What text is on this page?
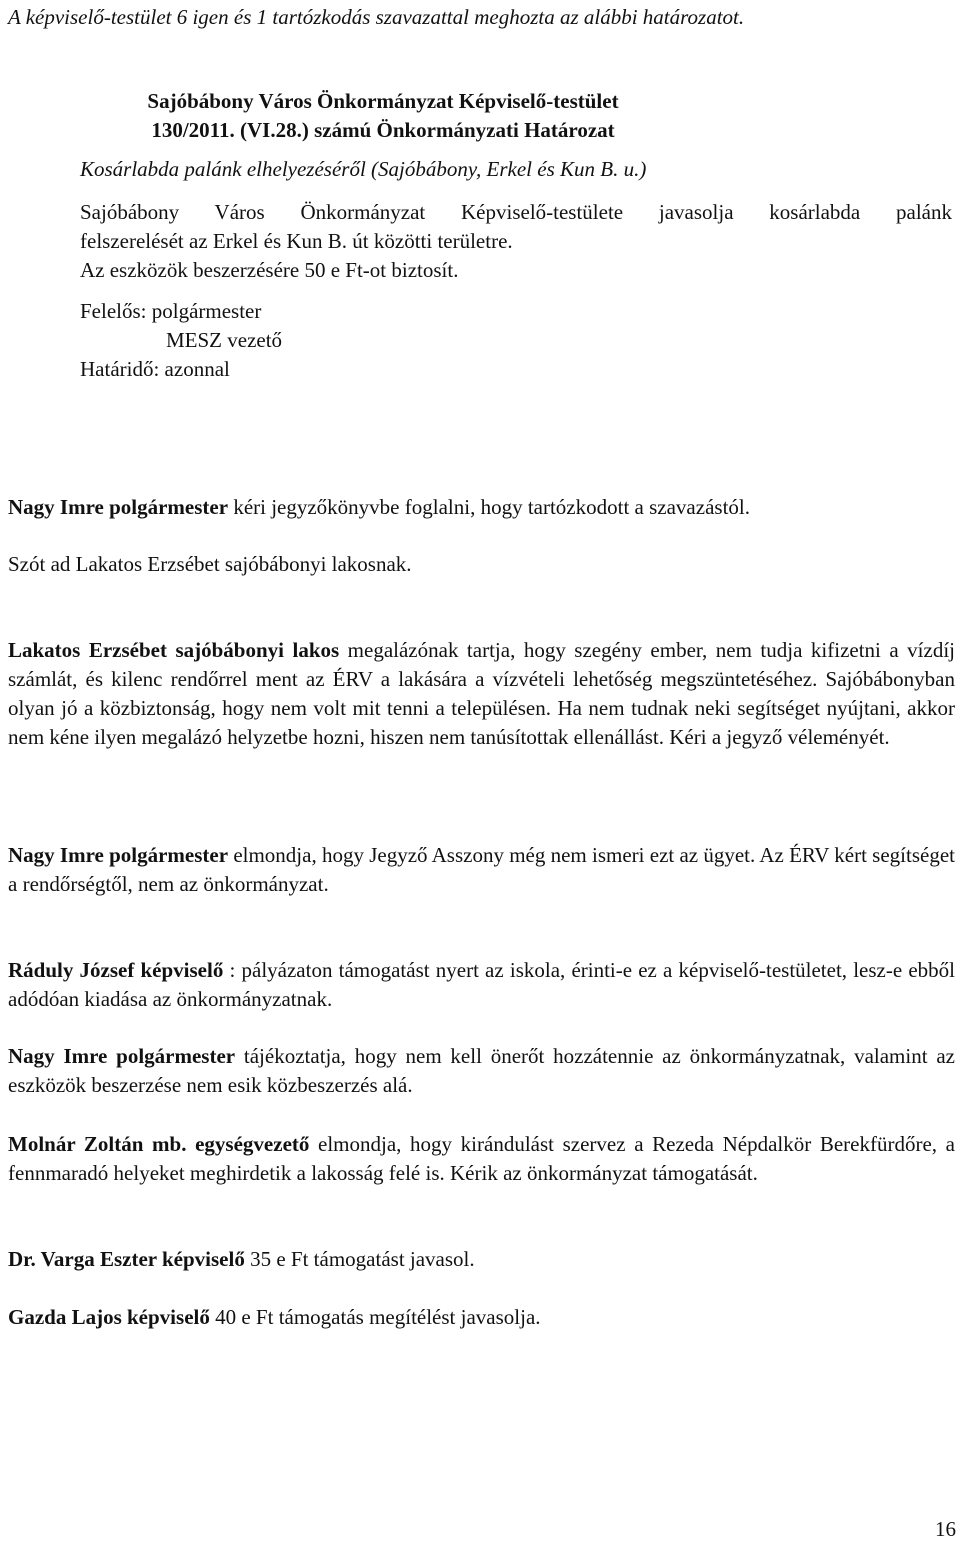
A képviselő-testület 6 igen és 1 tartózkodás szavazattal meghozta az alábbi határozatot.
Sajóbábony Város Önkormányzat Képviselő-testület
130/2011. (VI.28.) számú Önkormányzati Határozat
Kosárlabda palánk elhelyezéséről (Sajóbábony, Erkel és Kun B. u.)
Sajóbábony Város Önkormányzat Képviselő-testülete javasolja kosárlabda palánk
felszerelését az Erkel és Kun B. út közötti területre.
Az eszközök beszerzésére 50 e Ft-ot biztosít.
Felelős: polgármester
MESZ vezető
Határidő: azonnal
Nagy Imre polgármester kéri jegyzőkönyvbe foglalni, hogy tartózkodott a szavazástól.
Szót ad Lakatos Erzsébet sajóbábonyi lakosnak.
Lakatos Erzsébet sajóbábonyi lakos megalázónak tartja, hogy szegény ember, nem tudja kifizetni a vízdíj számlát, és kilenc rendőrrel ment az ÉRV a lakására a vízvételi lehetőség megszüntetéséhez. Sajóbábonyban olyan jó a közbiztonság, hogy nem volt mit tenni a településen. Ha nem tudnak neki segítséget nyújtani, akkor nem kéne ilyen megalázó helyzetbe hozni, hiszen nem tanúsítottak ellenállást. Kéri a jegyző véleményét.
Nagy Imre polgármester elmondja, hogy Jegyző Asszony még nem ismeri ezt az ügyet. Az ÉRV kért segítséget a rendőrségtől, nem az önkormányzat.
Ráduly József képviselő : pályázaton támogatást nyert az iskola, érinti-e ez a képviselő-testületet, lesz-e ebből adódóan kiadása az önkormányzatnak.
Nagy Imre polgármester tájékoztatja, hogy nem kell önerőt hozzátennie az önkormányzatnak, valamint az eszközök beszerzése nem esik közbeszerzés alá.
Molnár Zoltán mb. egységvezető elmondja, hogy kirándulást szervez a Rezeda Népdalkör Berekfürdőre, a fennmaradó helyeket meghirdetik a lakosság felé is. Kérik az önkormányzat támogatását.
Dr. Varga Eszter képviselő 35 e Ft támogatást javasol.
Gazda Lajos képviselő 40 e Ft támogatás megítélést javasolja.
16
